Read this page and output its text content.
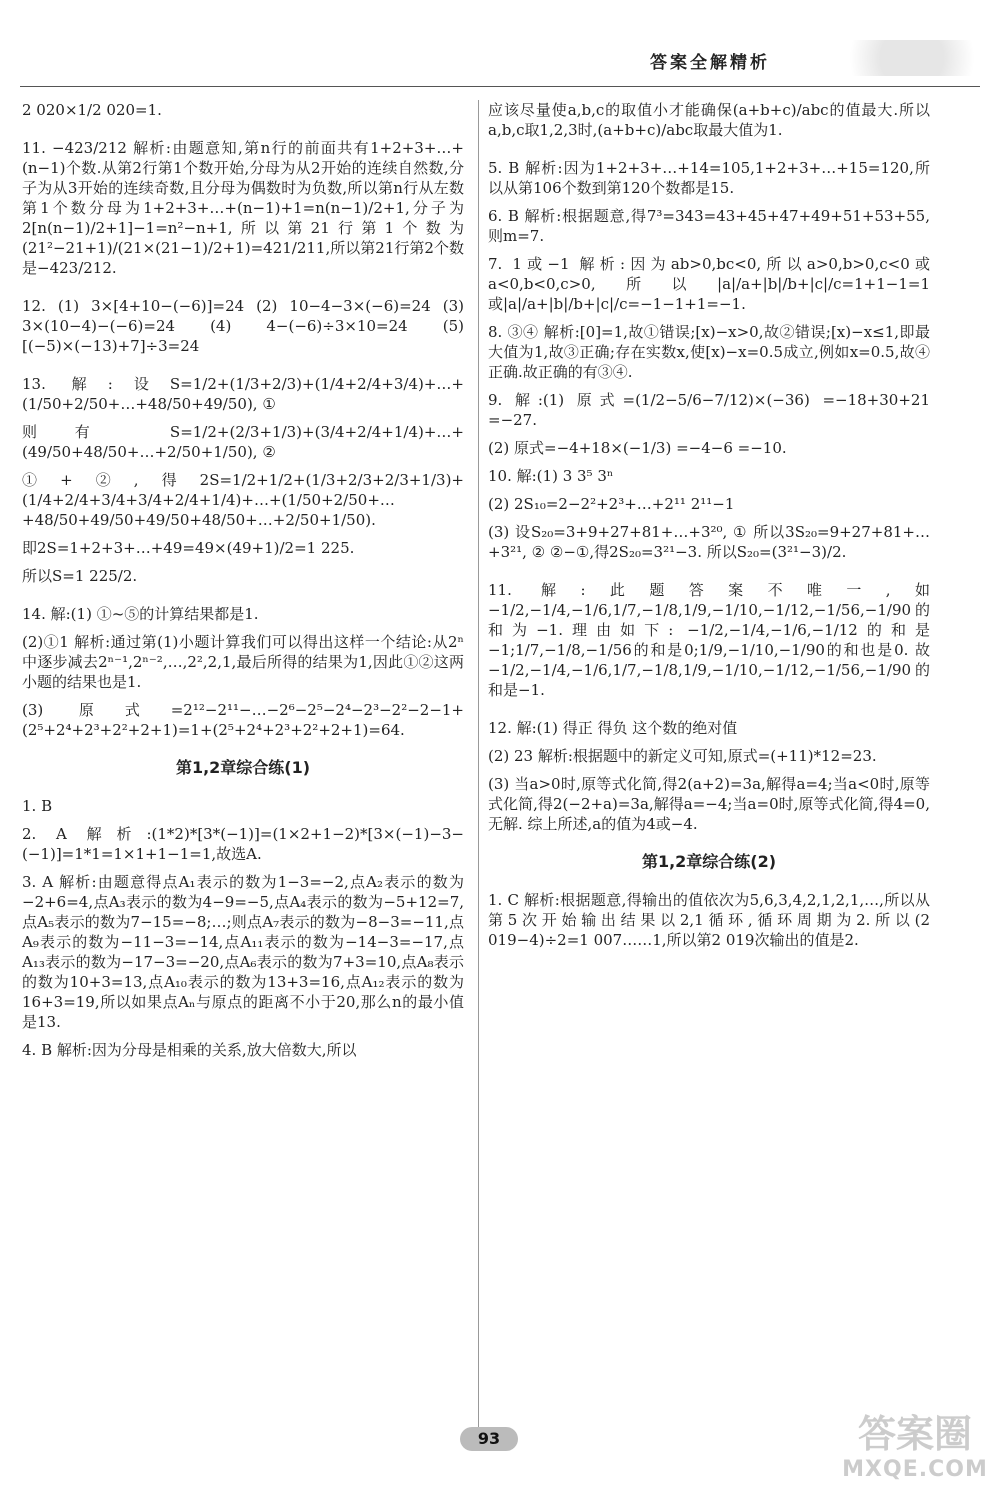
答案全解精析

2 020×1/2 020=1.

11. −423/212 解析:由题意知,第n行的前面共有1+2+3+…+(n−1)个数.从第2行第1个数开始,分母为从2开始的连续自然数,分子为从3开始的连续奇数,且分母为偶数时为负数,所以第n行从左数第1个数分母为1+2+3+…+(n−1)+1=n(n−1)/2+1,分子为2[n(n−1)/2+1]−1=n²−n+1,所以第21行第1个数为(21²−21+1)/(21×(21−1)/2+1)=421/211,所以第21行第2个数是−423/212.

12. (1) 3×[4+10−(−6)]=24 (2) 10−4−3×(−6)=24 (3) 3×(10−4)−(−6)=24 (4) 4−(−6)÷3×10=24 (5) [(−5)×(−13)+7]÷3=24

13. 解:设S=1/2+(1/3+2/3)+(1/4+2/4+3/4)+…+(1/50+2/50+…+48/50+49/50), ①

则有 S=1/2+(2/3+1/3)+(3/4+2/4+1/4)+…+(49/50+48/50+…+2/50+1/50), ②

①+②,得2S=1/2+1/2+(1/3+2/3+2/3+1/3)+(1/4+2/4+3/4+3/4+2/4+1/4)+…+(1/50+2/50+…+48/50+49/50+49/50+48/50+…+2/50+1/50).

即2S=1+2+3+…+49=49×(49+1)/2=1 225.

所以S=1 225/2.

14. 解:(1) ①~⑤的计算结果都是1.

(2)①1 解析:通过第(1)小题计算我们可以得出这样一个结论:从2ⁿ中逐步减去2ⁿ⁻¹,2ⁿ⁻²,…,2²,2,1,最后所得的结果为1,因此①②这两小题的结果也是1.

(3) 原式=2¹²−2¹¹−…−2⁶−2⁵−2⁴−2³−2²−2−1+(2⁵+2⁴+2³+2²+2+1)=1+(2⁵+2⁴+2³+2²+2+1)=64.

第1,2章综合练(1)

1. B

2. A 解析:(1*2)*[3*(−1)]=(1×2+1−2)*[3×(−1)−3−(−1)]=1*1=1×1+1−1=1,故选A.

3. A 解析:由题意得点A₁表示的数为1−3=−2,点A₂表示的数为−2+6=4,点A₃表示的数为4−9=−5,点A₄表示的数为−5+12=7,点A₅表示的数为7−15=−8;…;则点A₇表示的数为−8−3=−11,点A₉表示的数为−11−3=−14,点A₁₁表示的数为−14−3=−17,点A₁₃表示的数为−17−3=−20,点A₆表示的数为7+3=10,点A₈表示的数为10+3=13,点A₁₀表示的数为13+3=16,点A₁₂表示的数为16+3=19,所以如果点Aₙ与原点的距离不小于20,那么n的最小值是13.

4. B 解析:因为分母是相乘的关系,放大倍数大,所以

应该尽量使a,b,c的取值小才能确保(a+b+c)/abc的值最大.所以a,b,c取1,2,3时,(a+b+c)/abc取最大值为1.

5. B 解析:因为1+2+3+…+14=105,1+2+3+…+15=120,所以从第106个数到第120个数都是15.

6. B 解析:根据题意,得7³=343=43+45+47+49+51+53+55,则m=7.

7. 1或−1 解析:因为ab>0,bc<0,所以a>0,b>0,c<0或a<0,b<0,c>0,所以|a|/a+|b|/b+|c|/c=1+1−1=1或|a|/a+|b|/b+|c|/c=−1−1+1=−1.

8. ③④ 解析:[0]=1,故①错误;[x)−x>0,故②错误;[x)−x≤1,即最大值为1,故③正确;存在实数x,使[x)−x=0.5成立,例如x=0.5,故④正确.故正确的有③④.

9. 解:(1) 原式=(1/2−5/6−7/12)×(−36) =−18+30+21 =−27.

(2) 原式=−4+18×(−1/3) =−4−6 =−10.

10. 解:(1) 3 3⁵ 3ⁿ

(2) 2S₁₀=2−2²+2³+…+2¹¹ 2¹¹−1

(3) 设S₂₀=3+9+27+81+…+3²⁰, ① 所以3S₂₀=9+27+81+…+3²¹, ② ②−①,得2S₂₀=3²¹−3. 所以S₂₀=(3²¹−3)/2.

11. 解:此题答案不唯一,如−1/2,−1/4,−1/6,1/7,−1/8,1/9,−1/10,−1/12,−1/56,−1/90的和为−1.理由如下: −1/2,−1/4,−1/6,−1/12的和是−1;1/7,−1/8,−1/56的和是0;1/9,−1/10,−1/90的和也是0. 故−1/2,−1/4,−1/6,1/7,−1/8,1/9,−1/10,−1/12,−1/56,−1/90的和是−1.

12. 解:(1) 得正 得负 这个数的绝对值

(2) 23 解析:根据题中的新定义可知,原式=(+11)*12=23.

(3) 当a>0时,原等式化简,得2(a+2)=3a,解得a=4;当a<0时,原等式化简,得2(−2+a)=3a,解得a=−4;当a=0时,原等式化简,得4=0,无解. 综上所述,a的值为4或−4.

第1,2章综合练(2)

1. C 解析:根据题意,得输出的值依次为5,6,3,4,2,1,2,1,…,所以从第5次开始输出结果以2,1循环,循环周期为2.所以(2 019−4)÷2=1 007……1,所以第2 019次输出的值是2.

93	答案圈
MXQE.COM
